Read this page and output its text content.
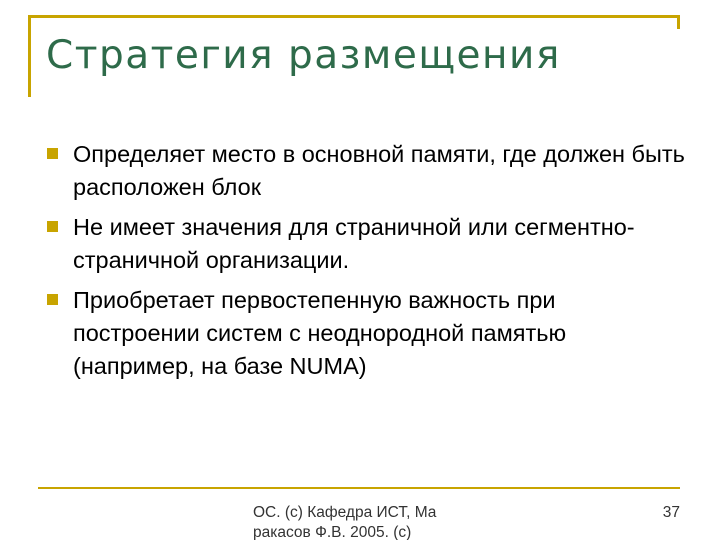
Стратегия размещения
Определяет место в основной памяти, где должен быть расположен блок
Не имеет значения для страничной или сегментно-страничной организации.
Приобретает первостепенную важность при построении систем с неоднородной памятью (например, на базе NUMA)
ОС. (с) Кафедра ИСТ, Ма ракасов Ф.В. 2005. (с)
37
